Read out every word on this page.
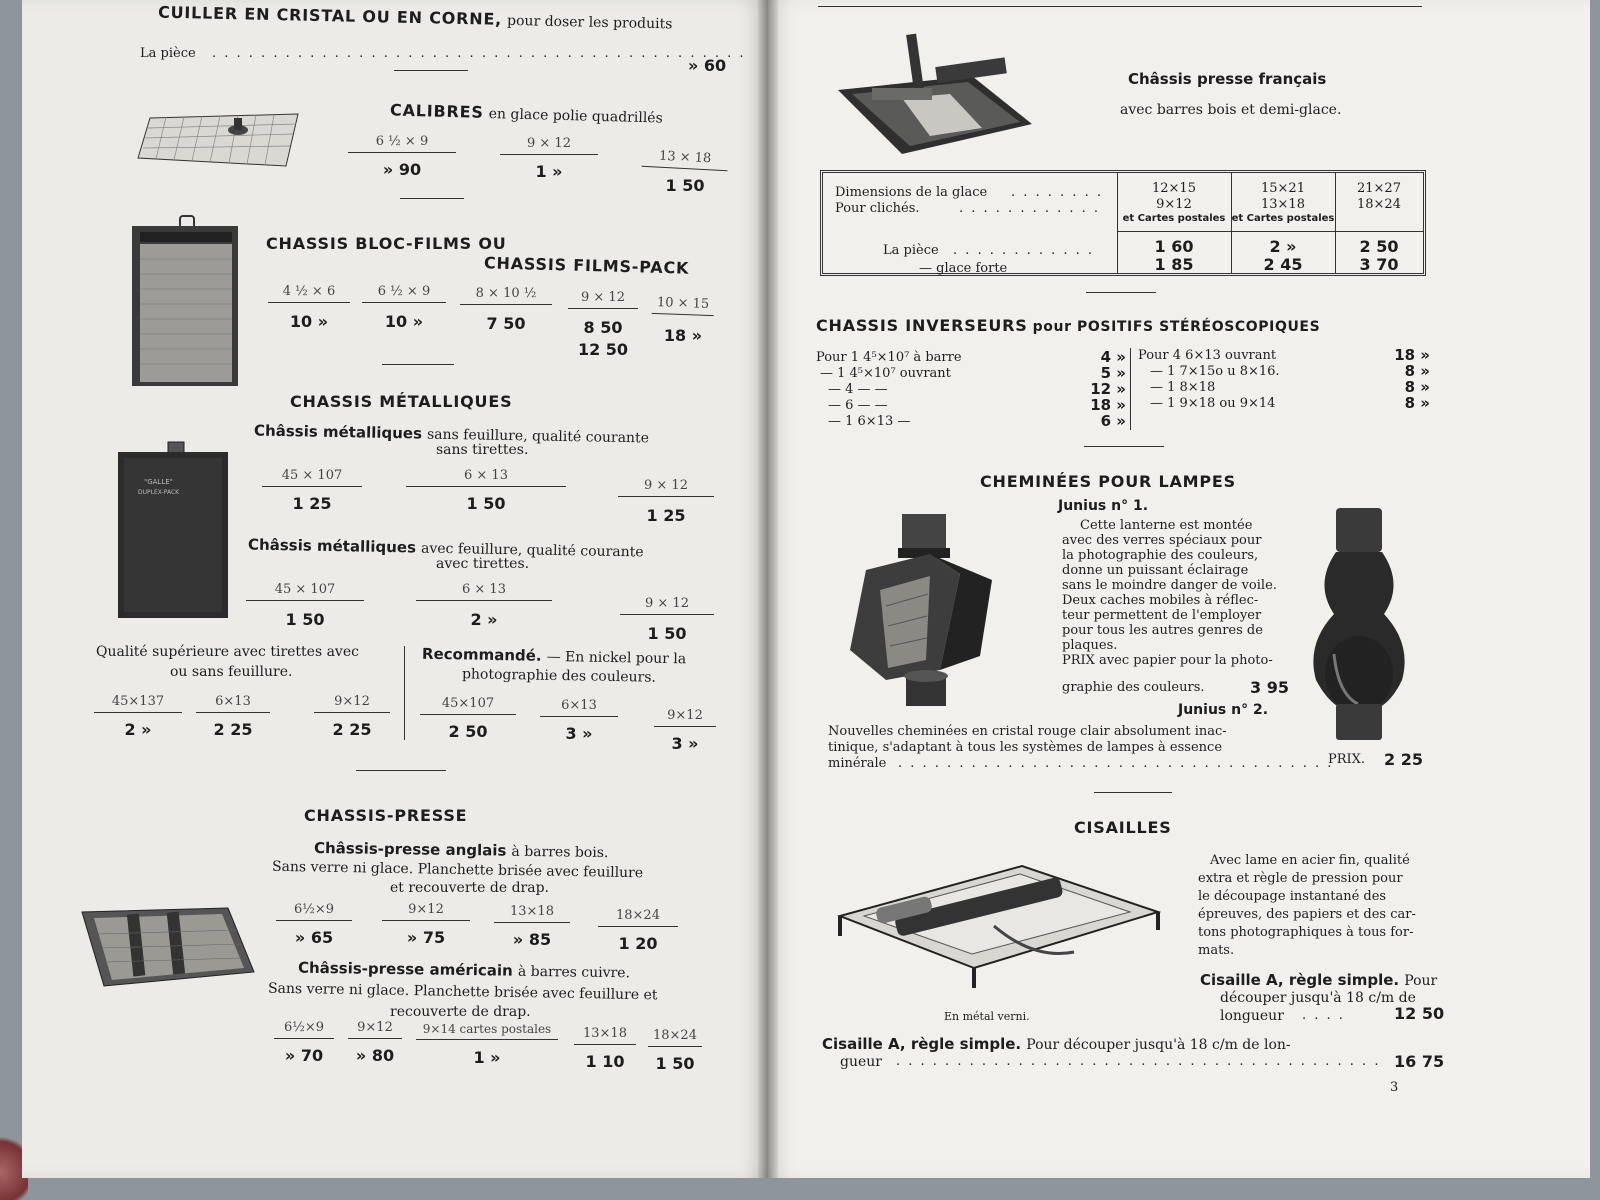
CUILLER EN CRISTAL OU EN CORNE, pour doser les produits
La pièce . . . . . . . . . . . . . . . . . . . . . . . . . . . . . . . . . . . . . . . . . . . .
» 60
CALIBRES en glace polie quadrillés
6 ½ × 9
» 90
9 × 12
1 »
13 × 18
1 50
CHASSIS BLOC-FILMS OU
CHASSIS FILMS-PACK
4 ½ × 6
10 »
6 ½ × 9
10 »
8 × 10 ½
7 50
9 × 12
8 50
12 50
10 × 15
18 »
CHASSIS MÉTALLIQUES
"GALLE"
DUPLEX-PACK
Châssis métalliques sans feuillure, qualité courante
sans tirettes.
45 × 107
1 25
6 × 13
1 50
9 × 12
1 25
Châssis métalliques avec feuillure, qualité courante
avec tirettes.
45 × 107
1 50
6 × 13
2 »
9 × 12
1 50
Qualité supérieure avec tirettes avec
ou sans feuillure.
45×137
2 »
6×13
2 25
9×12
2 25
Recommandé. — En nickel pour la
photographie des couleurs.
45×107
2 50
6×13
3 »
9×12
3 »
CHASSIS-PRESSE
Châssis-presse anglais à barres bois.
Sans verre ni glace. Planchette brisée avec feuillure
et recouverte de drap.
6½×9
» 65
9×12
» 75
13×18
» 85
18×24
1 20
Châssis-presse américain à barres cuivre.
Sans verre ni glace. Planchette brisée avec feuillure et
recouverte de drap.
6½×9
» 70
9×12
» 80
9×14 cartes postales
1 »
13×18
1 10
18×24
1 50
Châssis presse français
avec barres bois et demi-glace.
Dimensions de la glace
Pour clichés.
. . . . . . . .
. . . . . . . . . . . .
La pièce
— glace forte
. . . . . . . . . . . .
12×15
9×12
et Cartes postales
1 60
1 85
15×21
13×18
et Cartes postales
2 »
2 45
21×27
18×24
2 50
3 70
CHASSIS INVERSEURS pour POSITIFS STÉRÉOSCOPIQUES
Pour 1 4⁵×10⁷ à barre
— 1 4⁵×10⁷ ouvrant
— 4 — —
— 6 — —
— 1 6×13 —
4 »
5 »
12 »
18 »
6 »
Pour 4 6×13 ouvrant
— 1 7×15o u 8×16.
— 1 8×18
— 1 9×18 ou 9×14
18 »
8 »
8 »
8 »
CHEMINÉES POUR LAMPES
Junius n° 1.
Cette lanterne est montée
avec des verres spéciaux pour
la photographie des couleurs,
donne un puissant éclairage
sans le moindre danger de voile.
Deux caches mobiles à réflec-
teur permettent de l'employer
pour tous les autres genres de
plaques.
PRIX avec papier pour la photo-
graphie des couleurs.	3 95
Junius n° 2.
Nouvelles cheminées en cristal rouge clair absolument inac-
tinique, s'adaptant à tous les systèmes de lampes à essence
minérale . . . . . . . . . . . . . . . . . . . . . . . . . . . . . . . . . . . .
PRIX. 2 25
CISAILLES
En métal verni.
Avec lame en acier fin, qualité
extra et règle de pression pour
le découpage instantané des
épreuves, des papiers et des car-
tons photographiques à tous for-
mats.
Cisaille A, règle simple. Pour
découper jusqu'à 18 c/m de
longueur . . . .	12 50
Cisaille A, règle simple. Pour découper jusqu'à 18 c/m de lon-
gueur . . . . . . . . . . . . . . . . . . . . . . . . . . . . . . . . . . . . . . . . 16 75
3
